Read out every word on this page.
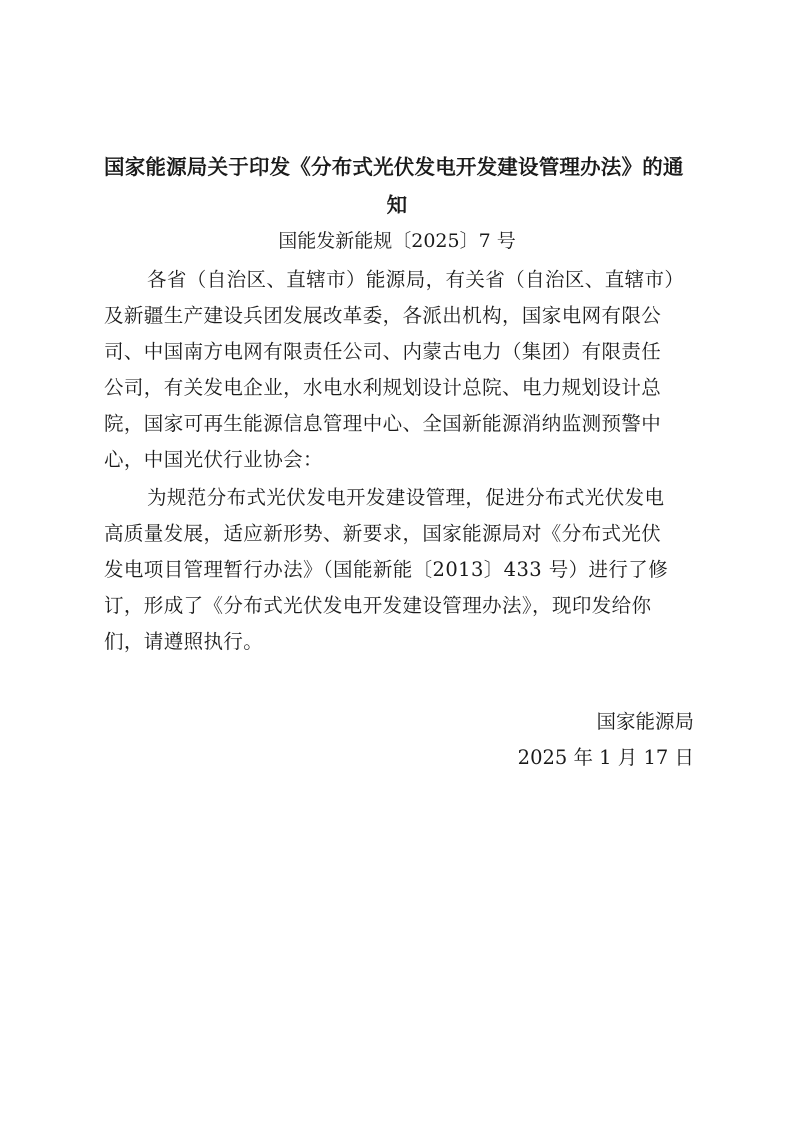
国家能源局关于印发《分布式光伏发电开发建设管理办法》的通
知
国能发新能规〔2025〕7 号
各省（自治区、直辖市）能源局，有关省（自治区、直辖市）
及新疆生产建设兵团发展改革委，各派出机构，国家电网有限公
司、中国南方电网有限责任公司、内蒙古电力（集团）有限责任
公司，有关发电企业，水电水利规划设计总院、电力规划设计总
院，国家可再生能源信息管理中心、全国新能源消纳监测预警中
心，中国光伏行业协会：
为规范分布式光伏发电开发建设管理，促进分布式光伏发电
高质量发展，适应新形势、新要求，国家能源局对《分布式光伏
发电项目管理暂行办法》（国能新能〔2013〕433 号）进行了修
订，形成了《分布式光伏发电开发建设管理办法》，现印发给你
们，请遵照执行。
国家能源局
2025 年 1 月 17 日
